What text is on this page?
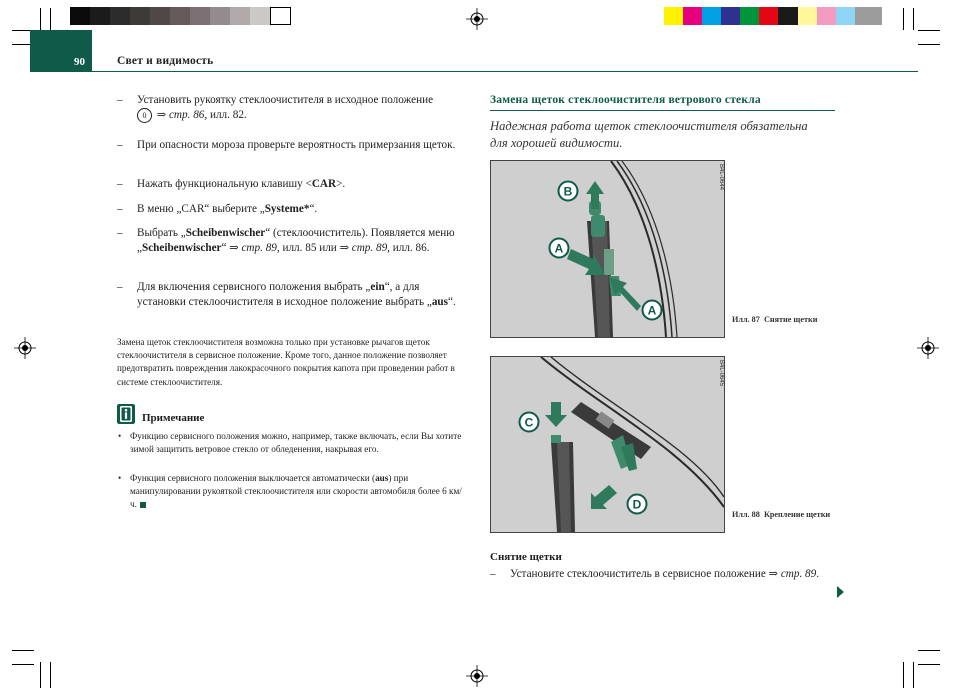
90	Свет и видимость
– Установить рукоятку стеклоочистителя в исходное положение
0 ⇒ стр. 86, илл. 82.
– При опасности мороза проверьте вероятность примерзания щеток.
– Нажать функциональную клавишу <CAR>.
– В меню „CAR“ выберите „Systeme*“.
– Выбрать „Scheibenwischer“ (стеклоочиститель). Появляется меню „Scheibenwischer“ ⇒ стр. 89, илл. 85 или ⇒ стр. 89, илл. 86.
– Для включения сервисного положения выбрать „ein“, а для установки стеклоочистителя в исходное положение выбрать „aus“.
Замена щеток стеклоочистителя возможна только при установке рычагов щеток стеклоочистителя в сервисное положение. Кроме того, данное положение позволяет предотвратить повреждения лакокрасочного покрытия капота при проведении работ в системе стеклоочистителя.
Примечание
• Функцию сервисного положения можно, например, также включать, если Вы хотите зимой защитить ветровое стекло от обледенения, накрывая его.
• Функция сервисного положения выключается автоматически (aus) при манипулировании рукояткой стеклоочистителя или скорости автомобиля более 6 км/ч.
Замена щеток стеклоочистителя ветрового стекла
Надежная работа щеток стеклоочистителя обязательна для хорошей видимости.
B
A
A
B4L-0644
Илл. 87 Снятие щетки
C
D
B4L-0645
Илл. 88 Крепление щетки
Снятие щетки
– Установите стеклоочиститель в сервисное положение ⇒ стр. 89.
